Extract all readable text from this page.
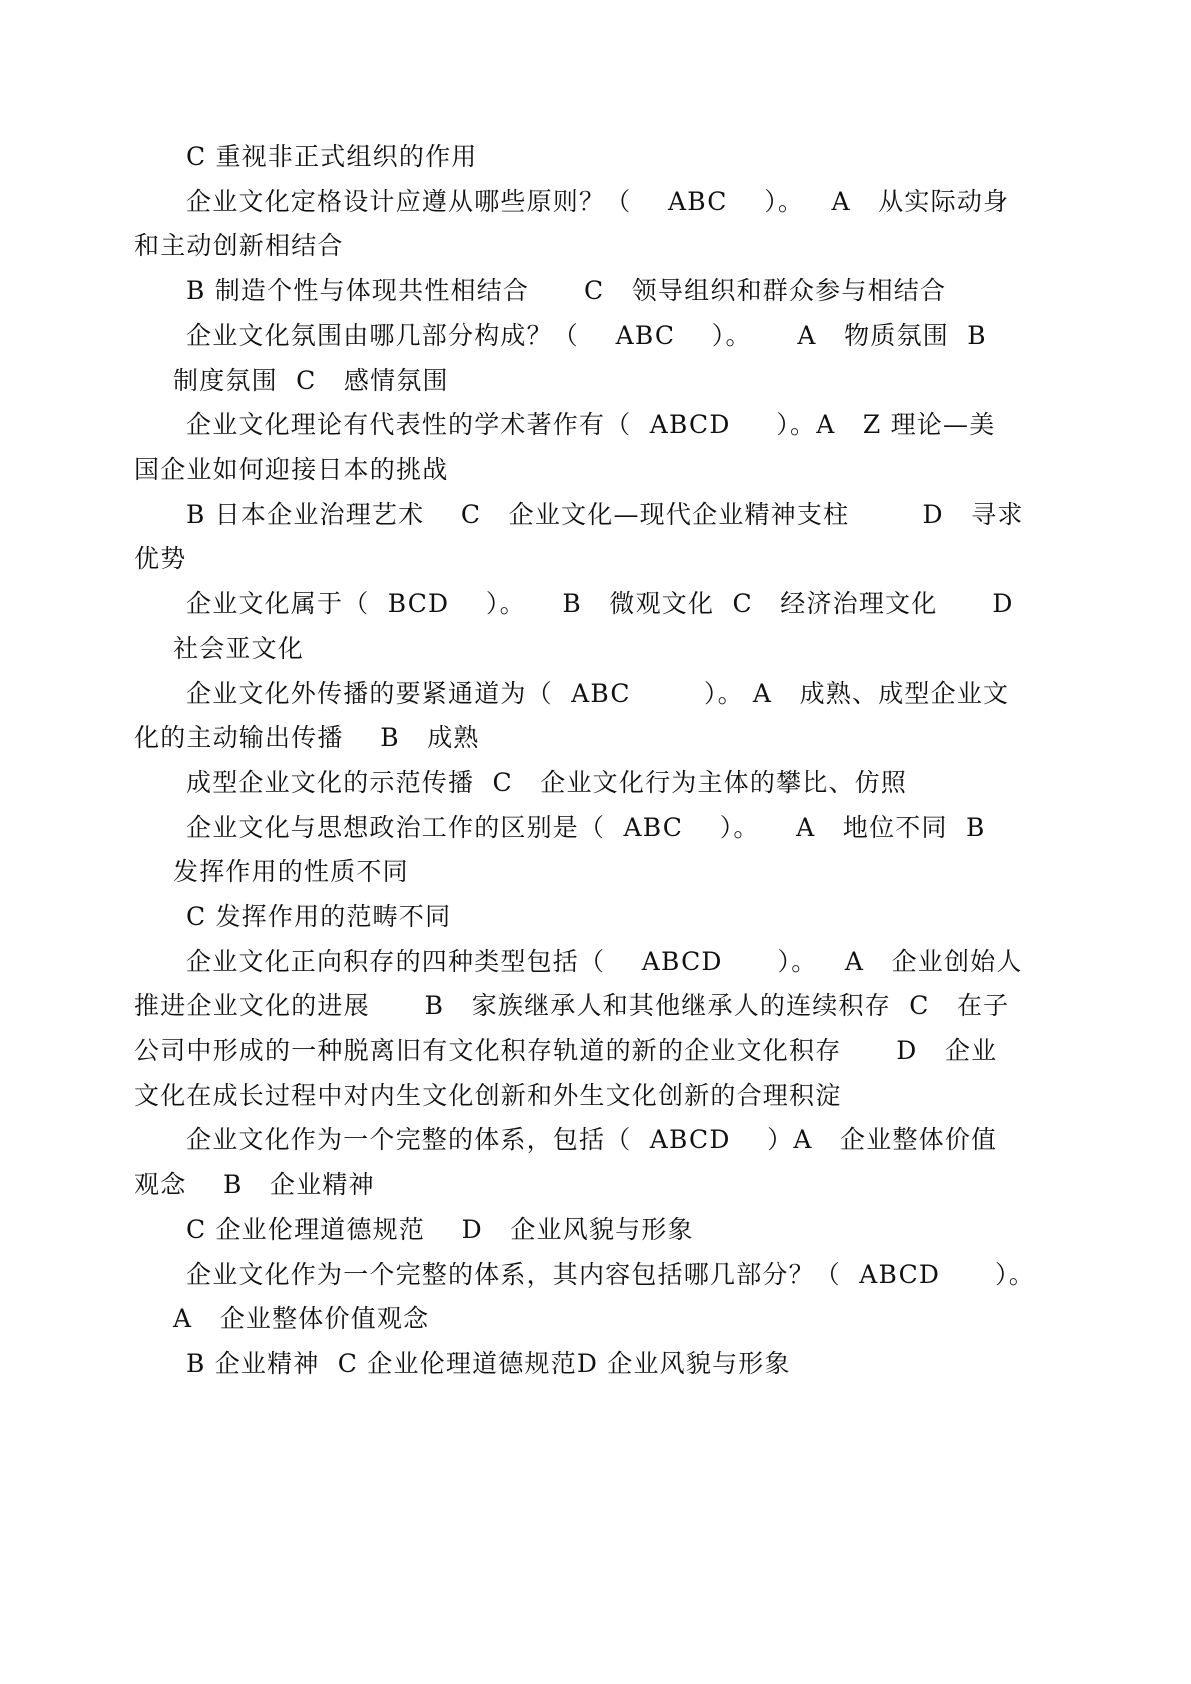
C 重视非正式组织的作用
企业文化定格设计应遵从哪些原则？（    ABC    ）。   A   从实际动身
和主动创新相结合
B 制造个性与体现共性相结合      C   领导组织和群众参与相结合
企业文化氛围由哪几部分构成？（    ABC    ）。     A   物质氛围  B
制度氛围  C   感情氛围
企业文化理论有代表性的学术著作有（  ABCD     ）。A   Z 理论—美
国企业如何迎接日本的挑战
B 日本企业治理艺术    C   企业文化—现代企业精神支柱        D   寻求
优势
企业文化属于（  BCD    ）。    B   微观文化  C   经济治理文化      D
社会亚文化
企业文化外传播的要紧通道为（  ABC        ）。 A   成熟、成型企业文
化的主动输出传播    B   成熟
成型企业文化的示范传播  C   企业文化行为主体的攀比、仿照
企业文化与思想政治工作的区别是（  ABC    ）。    A   地位不同  B
发挥作用的性质不同
C 发挥作用的范畴不同
企业文化正向积存的四种类型包括（    ABCD      ）。   A   企业创始人
推进企业文化的进展      B   家族继承人和其他继承人的连续积存  C   在子
公司中形成的一种脱离旧有文化积存轨道的新的企业文化积存      D   企业
文化在成长过程中对内生文化创新和外生文化创新的合理积淀
企业文化作为一个完整的体系，包括（  ABCD    ）A   企业整体价值
观念    B   企业精神
C 企业伦理道德规范    D   企业风貌与形象
企业文化作为一个完整的体系，其内容包括哪几部分？（  ABCD      ）。
A   企业整体价值观念
B 企业精神  C 企业伦理道德规范D 企业风貌与形象
